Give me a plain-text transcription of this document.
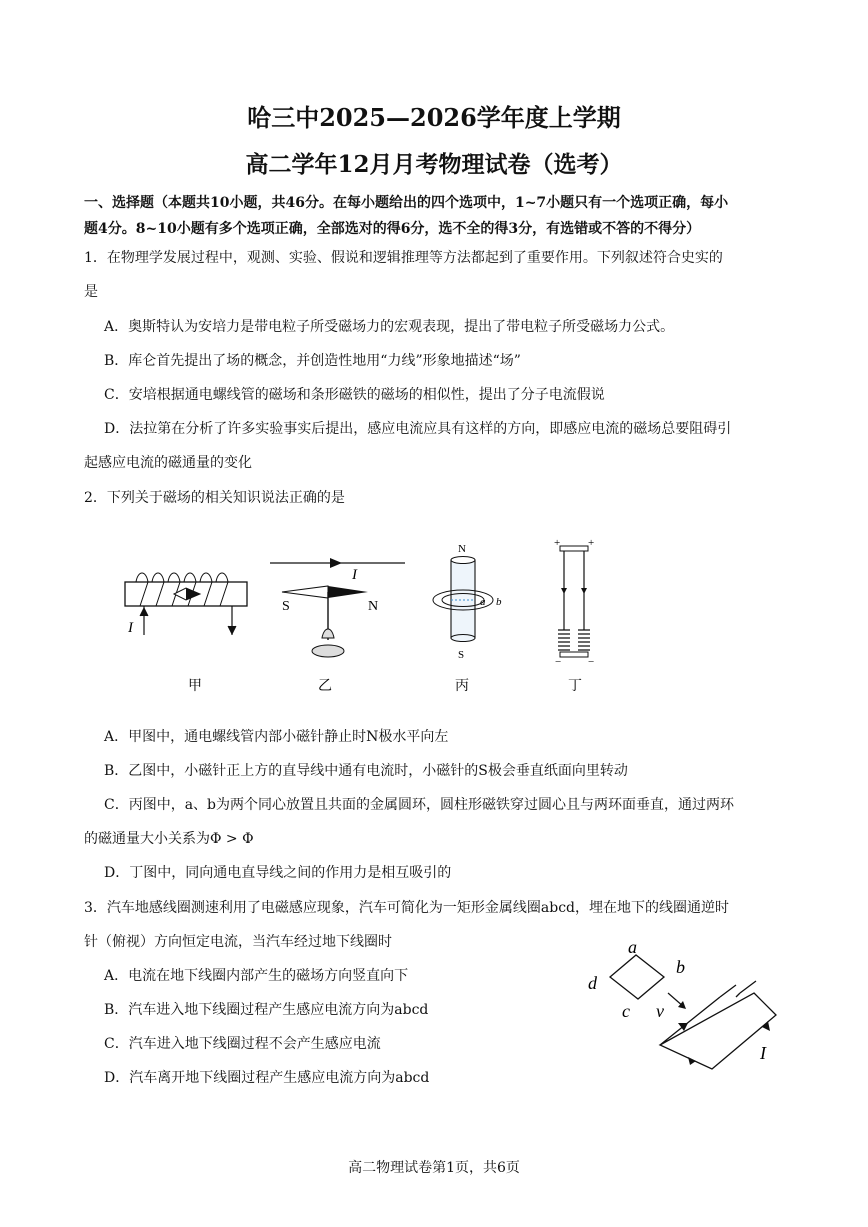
哈三中2025—2026学年度上学期
高二学年12月月考物理试卷（选考）
一、选择题（本题共10小题，共46分。在每小题给出的四个选项中，1~7小题只有一个选项正确，每小
题4分。8~10小题有多个选项正确，全部选对的得6分，选不全的得3分，有选错或不答的不得分）
1．在物理学发展过程中，观测、实验、假说和逻辑推理等方法都起到了重要作用。下列叙述符合史实的
是
A．奥斯特认为安培力是带电粒子所受磁场力的宏观表现，提出了带电粒子所受磁场力公式。
B．库仑首先提出了场的概念，并创造性地用“力线”形象地描述“场”
C．安培根据通电螺线管的磁场和条形磁铁的磁场的相似性，提出了分子电流假说
D．法拉第在分析了许多实验事实后提出，感应电流应具有这样的方向，即感应电流的磁场总要阻碍引
起感应电流的磁通量的变化
2．下列关于磁场的相关知识说法正确的是
I
甲
I
S	N
乙
N
a b
S
丙
+	+
− −
丁
A．甲图中，通电螺线管内部小磁针静止时N极水平向左
B．乙图中，小磁针正上方的直导线中通有电流时，小磁针的S极会垂直纸面向里转动
C．丙图中，a、b为两个同心放置且共面的金属圆环，圆柱形磁铁穿过圆心且与两环面垂直，通过两环
的磁通量大小关系为Φ > Φ
D．丁图中，同向通电直导线之间的作用力是相互吸引的
3．汽车地感线圈测速利用了电磁感应现象，汽车可简化为一矩形金属线圈abcd，埋在地下的线圈通逆时
针（俯视）方向恒定电流，当汽车经过地下线圈时
A．电流在地下线圈内部产生的磁场方向竖直向下
B．汽车进入地下线圈过程产生感应电流方向为abcd
C．汽车进入地下线圈过程不会产生感应电流
D．汽车离开地下线圈过程产生感应电流方向为abcd
a
b
c
d
v
I
高二物理试卷第1页，共6页
